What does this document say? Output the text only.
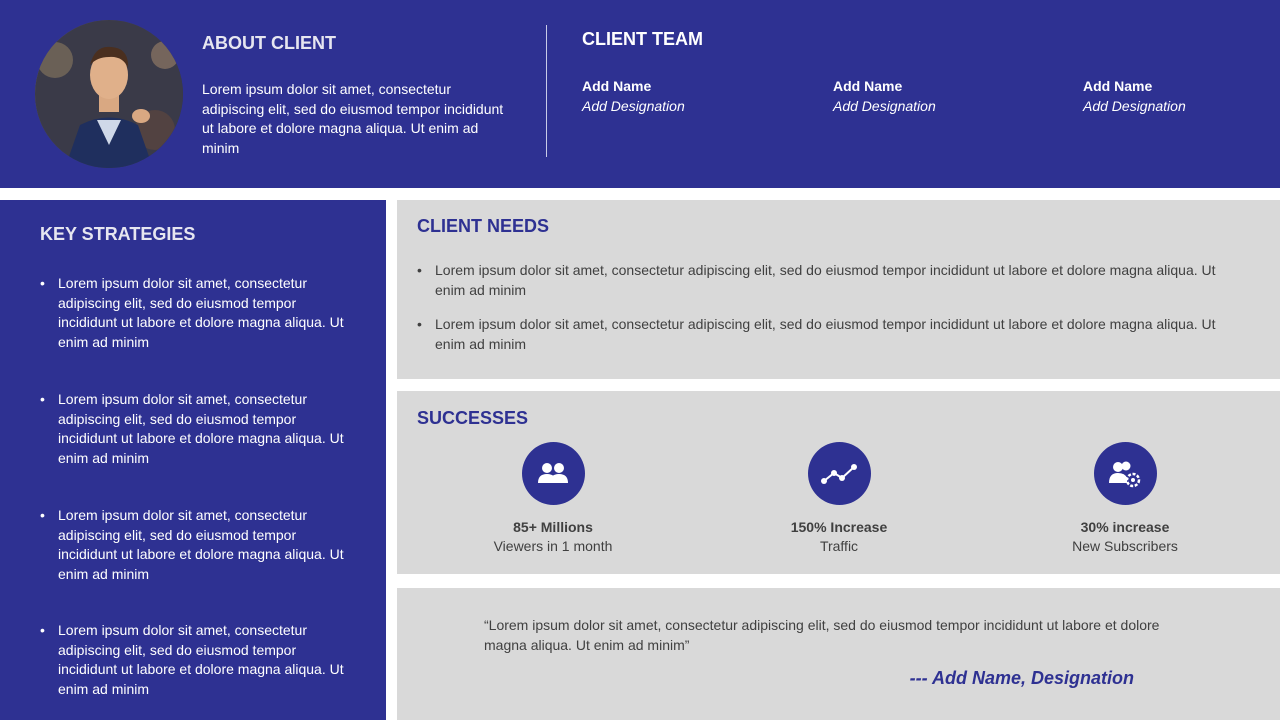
ABOUT CLIENT
Lorem ipsum dolor sit amet, consectetur adipiscing elit, sed do eiusmod tempor incididunt ut labore et dolore magna aliqua. Ut enim ad minim
CLIENT TEAM
Add Name
Add Designation
Add Name
Add Designation
Add Name
Add Designation
KEY STRATEGIES
• Lorem ipsum dolor sit amet, consectetur adipiscing elit, sed do eiusmod tempor incididunt ut labore et dolore magna aliqua. Ut enim ad minim
• Lorem ipsum dolor sit amet, consectetur adipiscing elit, sed do eiusmod tempor incididunt ut labore et dolore magna aliqua. Ut enim ad minim
• Lorem ipsum dolor sit amet, consectetur adipiscing elit, sed do eiusmod tempor incididunt ut labore et dolore magna aliqua. Ut enim ad minim
• Lorem ipsum dolor sit amet, consectetur adipiscing elit, sed do eiusmod tempor incididunt ut labore et dolore magna aliqua. Ut enim ad minim
CLIENT NEEDS
• Lorem ipsum dolor sit amet, consectetur adipiscing elit, sed do eiusmod tempor incididunt ut labore et dolore magna aliqua. Ut enim ad minim
• Lorem ipsum dolor sit amet, consectetur adipiscing elit, sed do eiusmod tempor incididunt ut labore et dolore magna aliqua. Ut enim ad minim
SUCCESSES
85+ Millions
Viewers in 1 month
150% Increase
Traffic
30% increase
New Subscribers
“Lorem ipsum dolor sit amet, consectetur adipiscing elit, sed do eiusmod tempor incididunt ut labore et dolore magna aliqua. Ut enim ad minim”
--- Add Name, Designation
